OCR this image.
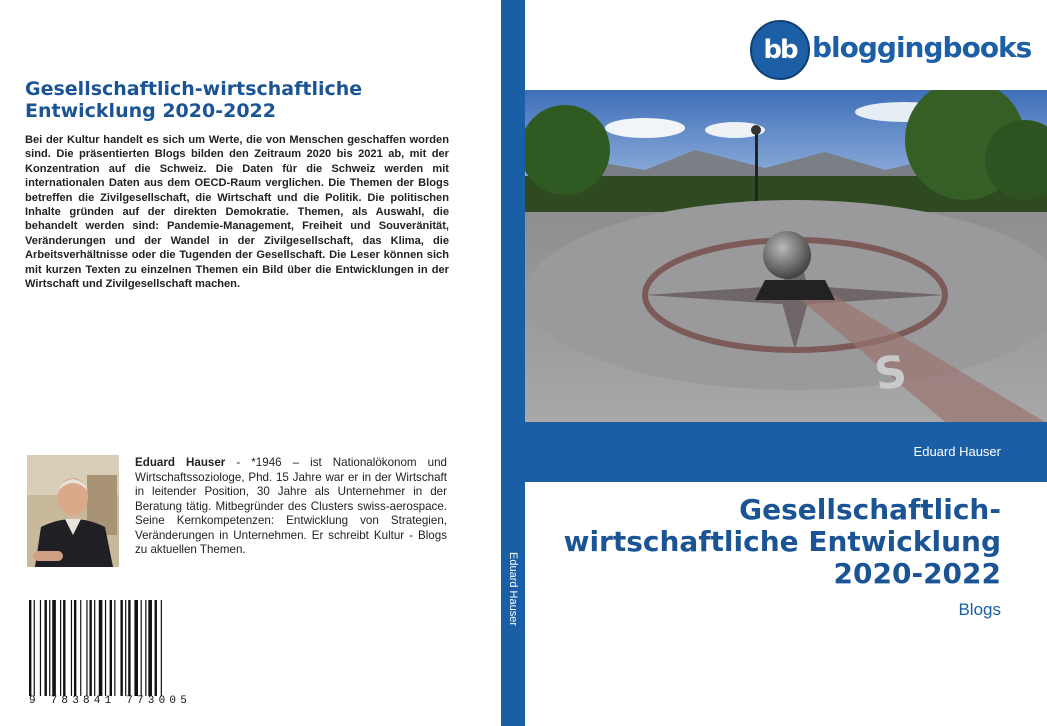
Gesellschaftlich-wirtschaftliche Entwicklung 2020-2022
Bei der Kultur handelt es sich um Werte, die von Menschen geschaffen worden sind. Die präsentierten Blogs bilden den Zeitraum 2020 bis 2021 ab, mit der Konzentration auf die Schweiz. Die Daten für die Schweiz werden mit internationalen Daten aus dem OECD-Raum verglichen. Die Themen der Blogs betreffen die Zivilgesellschaft, die Wirtschaft und die Politik. Die politischen Inhalte gründen auf der direkten Demokratie. Themen, als Auswahl, die behandelt werden sind: Pandemie-Management, Freiheit und Souveränität, Veränderungen und der Wandel in der Zivilgesellschaft, das Klima, die Arbeitsverhältnisse oder die Tugenden der Gesellschaft. Die Leser können sich mit kurzen Texten zu einzelnen Themen ein Bild über die Entwicklungen in der Wirtschaft und Zivilgesellschaft machen.
Eduard Hauser - *1946 – ist Nationalökonom und Wirtschaftssoziologe, Phd. 15 Jahre war er in der Wirtschaft in leitender Position, 30 Jahre als Unternehmer in der Beratung tätig. Mitbegründer des Clusters swiss-aerospace. Seine Kernkompetenzen: Entwicklung von Strategien, Veränderungen in Unternehmen. Er schreibt Kultur - Blogs zu aktuellen Themen.
9 783841 773005
Eduard Hauser
bb bloggingbooks
S
Eduard Hauser
Gesellschaftlich-wirtschaftliche Entwicklung 2020-2022
Blogs
